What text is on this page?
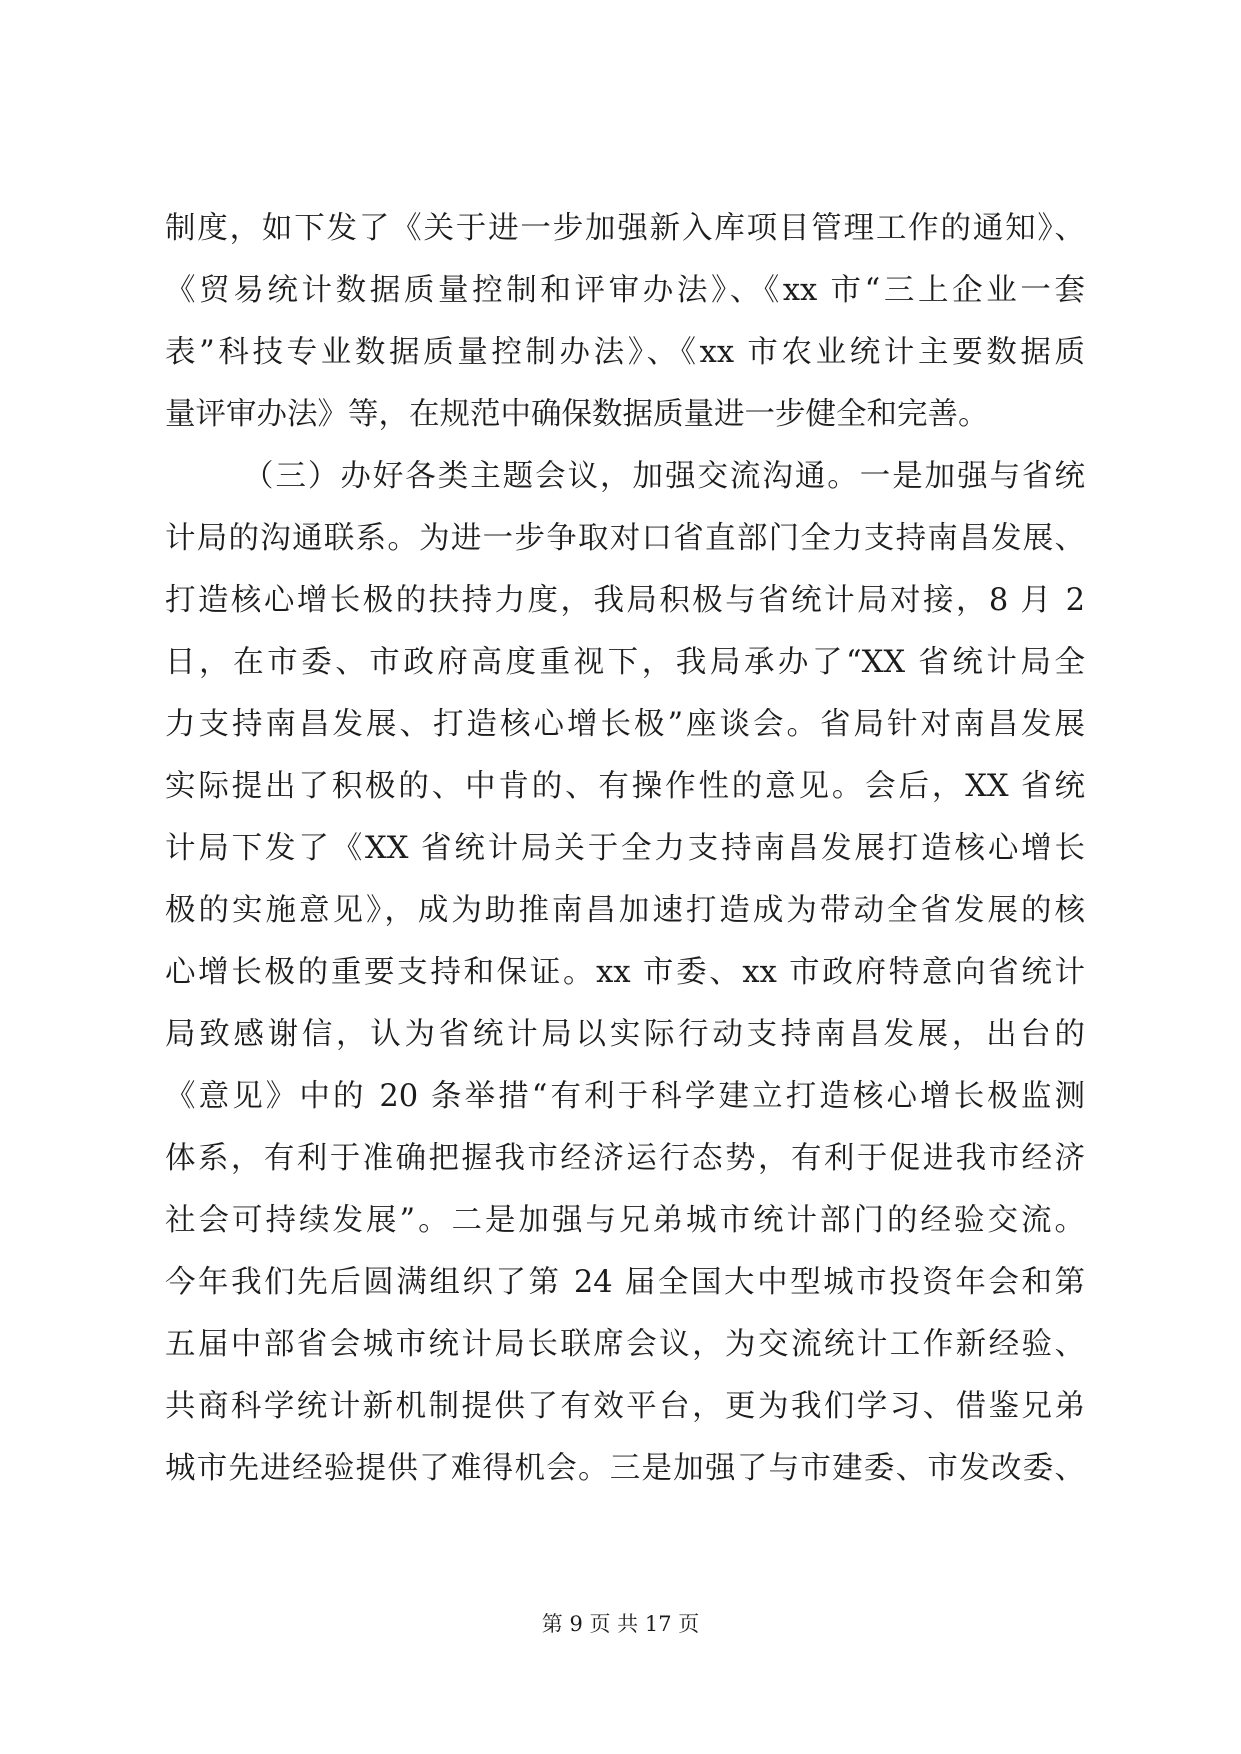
制度，如下发了《关于进一步加强新入库项目管理工作的通知》、
《贸易统计数据质量控制和评审办法》、《xx 市“三上企业一套
表”科技专业数据质量控制办法》、《xx 市农业统计主要数据质
量评审办法》等，在规范中确保数据质量进一步健全和完善。
（三）办好各类主题会议，加强交流沟通。一是加强与省统
计局的沟通联系。为进一步争取对口省直部门全力支持南昌发展、
打造核心增长极的扶持力度，我局积极与省统计局对接，8 月 2
日，在市委、市政府高度重视下，我局承办了“XX 省统计局全
力支持南昌发展、打造核心增长极”座谈会。省局针对南昌发展
实际提出了积极的、中肯的、有操作性的意见。会后，XX 省统
计局下发了《XX 省统计局关于全力支持南昌发展打造核心增长
极的实施意见》，成为助推南昌加速打造成为带动全省发展的核
心增长极的重要支持和保证。xx 市委、xx 市政府特意向省统计
局致感谢信，认为省统计局以实际行动支持南昌发展，出台的
《意见》中的 20 条举措“有利于科学建立打造核心增长极监测
体系，有利于准确把握我市经济运行态势，有利于促进我市经济
社会可持续发展”。二是加强与兄弟城市统计部门的经验交流。
今年我们先后圆满组织了第 24 届全国大中型城市投资年会和第
五届中部省会城市统计局长联席会议，为交流统计工作新经验、
共商科学统计新机制提供了有效平台，更为我们学习、借鉴兄弟
城市先进经验提供了难得机会。三是加强了与市建委、市发改委、
第 9 页 共 17 页
